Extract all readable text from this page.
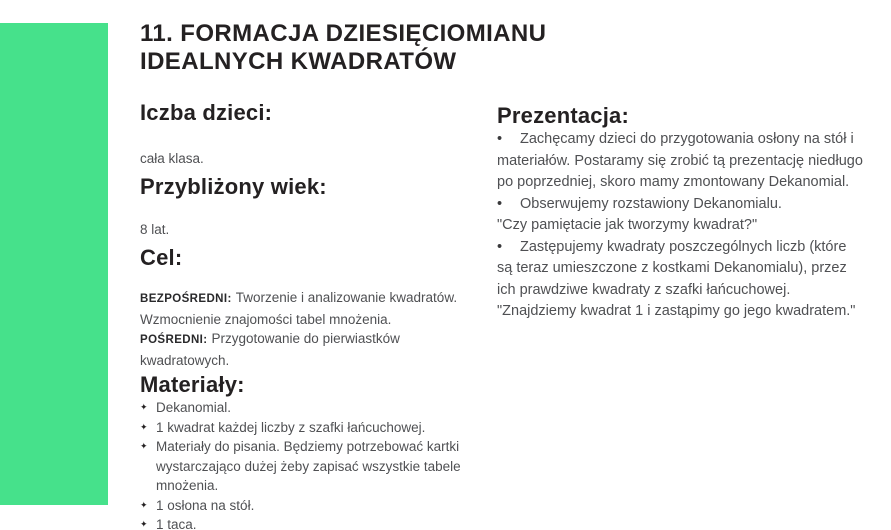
11. FORMACJA DZIESIĘCIOMIANU
IDEALNYCH KWADRATÓW
Iczba dzieci:

cała klasa.

Przybliżony wiek:

8 lat.

Cel:

BEZPOŚREDNI: Tworzenie i analizowanie kwadratów. Wzmocnienie znajomości tabel mnożenia.

POŚREDNI: Przygotowanie do pierwiastków kwadratowych.

Materiały:
✦ Dekanomial.
✦ 1 kwadrat każdej liczby z szafki łańcuchowej.
✦ Materiały do pisania. Będziemy potrzebować kartki wystarczająco dużej żeby zapisać wszystkie tabele mnożenia.
✦ 1 osłona na stół.
✦ 1 taca.
Prezentacja:

• Zachęcamy dzieci do przygotowania osłony na stół i materiałów. Postaramy się zrobić tą prezentację niedługo po poprzedniej, skoro mamy zmontowany Dekanomial.

• Obserwujemy rozstawiony Dekanomialu.

"Czy pamiętacie jak tworzymy kwadrat?"

• Zastępujemy kwadraty poszczególnych liczb (które są teraz umieszczone z kostkami Dekanomialu), przez ich prawdziwe kwadraty z szafki łańcuchowej.

"Znajdziemy kwadrat 1 i zastąpimy go jego kwadratem."
